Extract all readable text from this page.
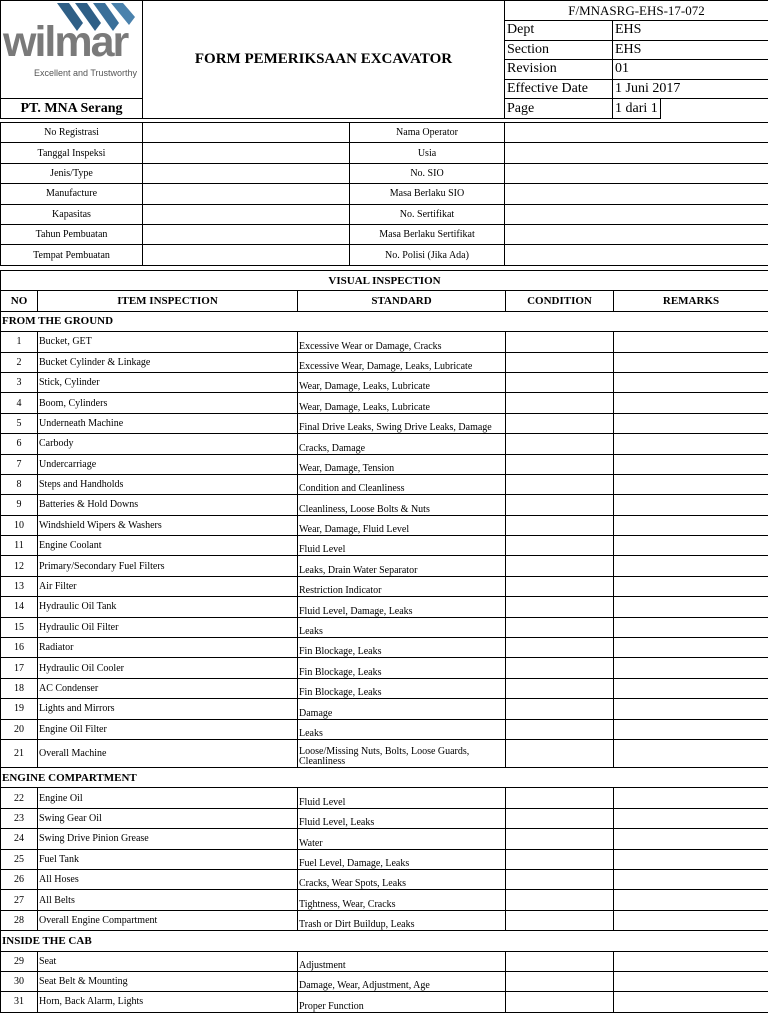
wilmar
Excellent and Trustworthy	FORM PEMERIKSAAN EXCAVATOR	F/MNASRG-EHS-17-072		
		Dept	EHS	
		Section	EHS	
		Revision	01	
		Effective Date	1 Juni 2017	
PT. MNA Serang		Page	1 dari 1	
No Registrasi		Nama Operator	
Tanggal Inspeksi		Usia	
Jenis/Type		No. SIO	
Manufacture		Masa Berlaku SIO	
Kapasitas		No. Sertifikat	
Tahun Pembuatan		Masa Berlaku Sertifikat	
Tempat Pembuatan		No. Polisi (Jika Ada)	
VISUAL INSPECTION				
NO	ITEM INSPECTION	STANDARD	CONDITION	REMARKS
FROM THE GROUND				
1	Bucket, GET	Excessive Wear or Damage, Cracks		
2	Bucket Cylinder & Linkage	Excessive Wear, Damage, Leaks, Lubricate		
3	Stick, Cylinder	Wear, Damage, Leaks, Lubricate		
4	Boom, Cylinders	Wear, Damage, Leaks, Lubricate		
5	Underneath Machine	Final Drive Leaks, Swing Drive Leaks, Damage		
6	Carbody	Cracks, Damage		
7	Undercarriage	Wear, Damage, Tension		
8	Steps and Handholds	Condition and Cleanliness		
9	Batteries & Hold Downs	Cleanliness, Loose Bolts & Nuts		
10	Windshield Wipers & Washers	Wear, Damage, Fluid Level		
11	Engine Coolant	Fluid Level		
12	Primary/Secondary Fuel Filters	Leaks, Drain Water Separator		
13	Air Filter	Restriction Indicator		
14	Hydraulic Oil Tank	Fluid Level, Damage, Leaks		
15	Hydraulic Oil Filter	Leaks		
16	Radiator	Fin Blockage, Leaks		
17	Hydraulic Oil Cooler	Fin Blockage, Leaks		
18	AC Condenser	Fin Blockage, Leaks		
19	Lights and Mirrors	Damage		
20	Engine Oil Filter	Leaks		
21	Overall Machine	Loose/Missing Nuts, Bolts, Loose Guards, Cleanliness		
ENGINE COMPARTMENT				
22	Engine Oil	Fluid Level		
23	Swing Gear Oil	Fluid Level, Leaks		
24	Swing Drive Pinion Grease	Water		
25	Fuel Tank	Fuel Level, Damage, Leaks		
26	All Hoses	Cracks, Wear Spots, Leaks		
27	All Belts	Tightness, Wear, Cracks		
28	Overall Engine Compartment	Trash or Dirt Buildup, Leaks		
INSIDE THE CAB				
29	Seat	Adjustment		
30	Seat Belt & Mounting	Damage, Wear, Adjustment, Age		
31	Horn, Back Alarm, Lights	Proper Function		
